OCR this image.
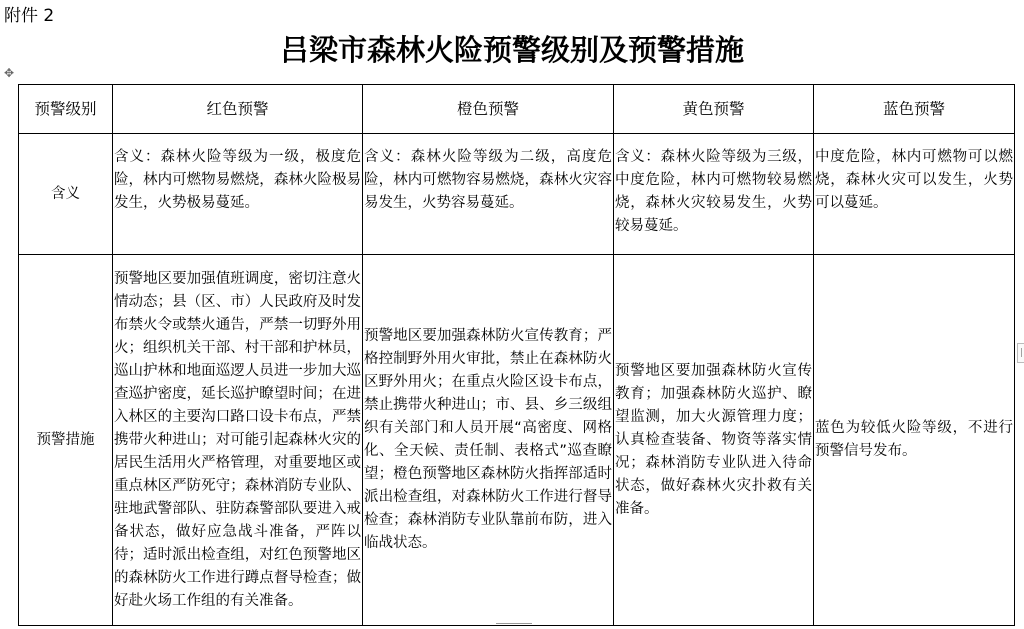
附件 2
吕梁市森林火险预警级别及预警措施
✥
|
预警级别	红色预警	橙色预警	黄色预警	蓝色预警
含义	含义：森林火险等级为一级，极度危险，林内可燃物易燃烧，森林火险极易发生，火势极易蔓延。	含义：森林火险等级为二级，高度危险，林内可燃物容易燃烧，森林火灾容易发生，火势容易蔓延。	含义：森林火险等级为三级，中度危险，林内可燃物较易燃烧，森林火灾较易发生，火势较易蔓延。	中度危险，林内可燃物可以燃烧，森林火灾可以发生，火势可以蔓延。
预警措施	预警地区要加强值班调度，密切注意火情动态；县（区、市）人民政府及时发布禁火令或禁火通告，严禁一切野外用火；组织机关干部、村干部和护林员，巡山护林和地面巡逻人员进一步加大巡查巡护密度，延长巡护瞭望时间；在进入林区的主要沟口路口设卡布点，严禁携带火种进山；对可能引起森林火灾的居民生活用火严格管理，对重要地区或重点林区严防死守；森林消防专业队、驻地武警部队、驻防森警部队要进入戒备状态，做好应急战斗准备，严阵以待；适时派出检查组，对红色预警地区的森林防火工作进行蹲点督导检查；做好赴火场工作组的有关准备。	预警地区要加强森林防火宣传教育；严格控制野外用火审批，禁止在森林防火区野外用火；在重点火险区设卡布点，禁止携带火种进山；市、县、乡三级组织有关部门和人员开展“高密度、网格化、全天候、责任制、表格式”巡查瞭望；橙色预警地区森林防火指挥部适时派出检查组，对森林防火工作进行督导检查；森林消防专业队靠前布防，进入临战状态。	预警地区要加强森林防火宣传教育；加强森林防火巡护、瞭望监测，加大火源管理力度；认真检查装备、物资等落实情况；森林消防专业队进入待命状态，做好森林火灾扑救有关准备。	蓝色为较低火险等级，不进行预警信号发布。
